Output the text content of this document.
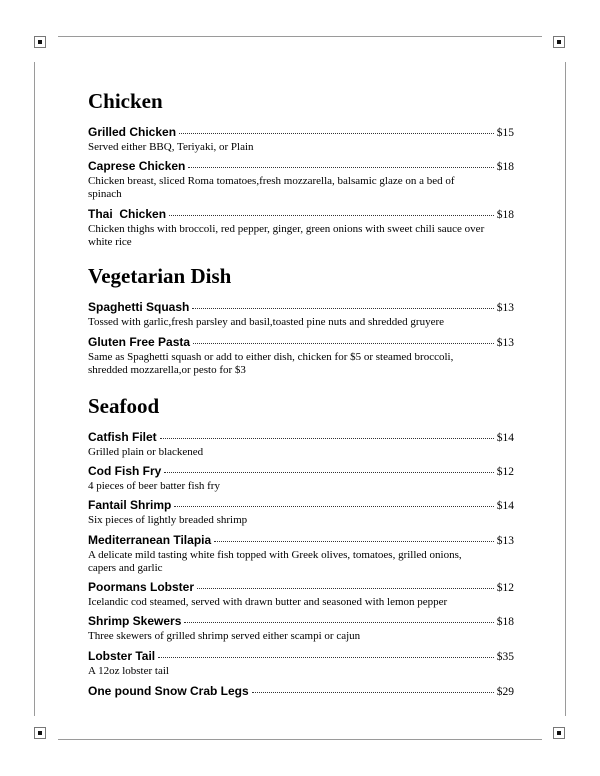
Chicken
Grilled Chicken	$15
Served either BBQ, Teriyaki, or Plain
Caprese Chicken	$18
Chicken breast, sliced Roma tomatoes,fresh mozzarella, balsamic glaze on a bed of spinach
Thai  Chicken	$18
Chicken thighs with broccoli, red pepper, ginger, green onions with sweet chili sauce over white rice
Vegetarian Dish
Spaghetti Squash	$13
Tossed with garlic,fresh parsley and basil,toasted pine nuts and shredded gruyere
Gluten Free Pasta	$13
Same as Spaghetti squash or add to either dish, chicken for $5 or steamed broccoli, shredded mozzarella,or pesto for $3
Seafood
Catfish Filet	$14
Grilled plain or blackened
Cod Fish Fry	$12
4 pieces of beer batter fish fry
Fantail Shrimp	$14
Six pieces of lightly breaded shrimp
Mediterranean Tilapia	$13
A delicate mild tasting white fish topped with Greek olives, tomatoes, grilled onions, capers and garlic
Poormans Lobster	$12
Icelandic cod steamed, served with drawn butter and seasoned with lemon pepper
Shrimp Skewers	$18
Three skewers of grilled shrimp served either scampi or cajun
Lobster Tail	$35
A 12oz lobster tail
One pound Snow Crab Legs	$29
